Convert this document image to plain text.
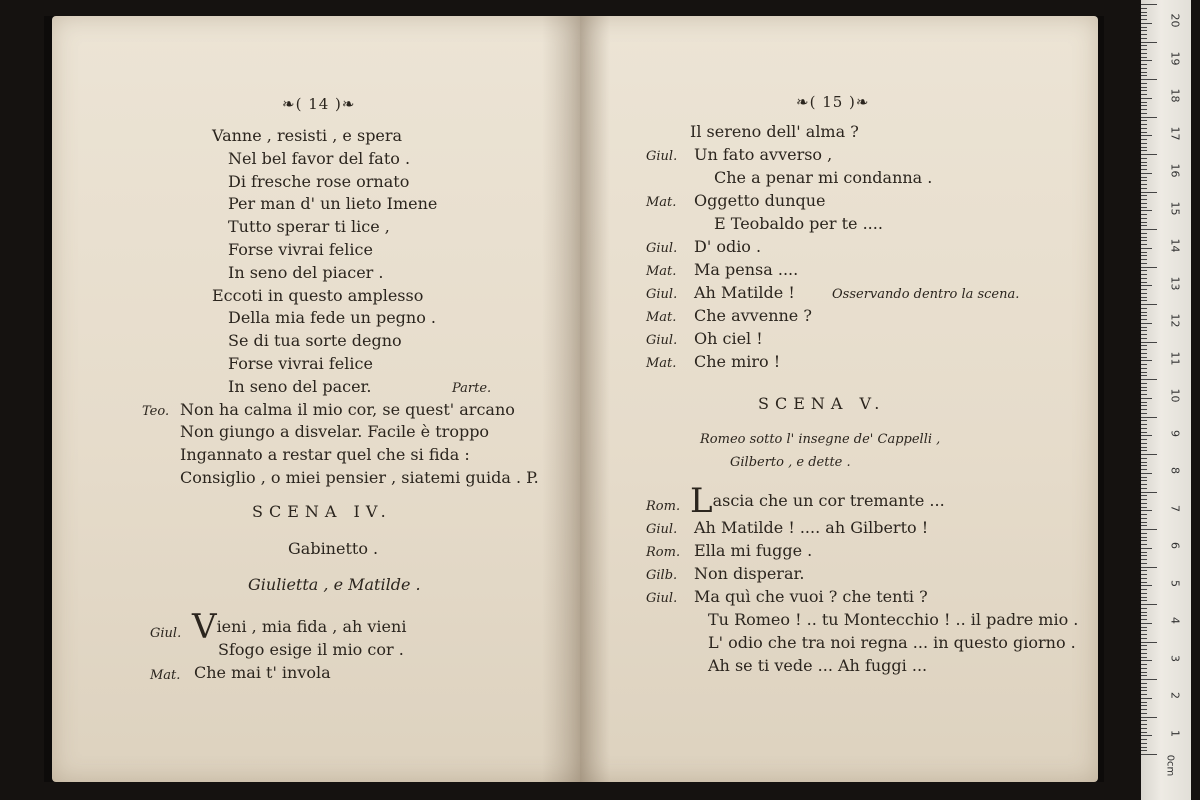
❧( 14 )❧
Vanne , resisti , e spera
Nel bel favor del fato .
Di fresche rose ornato
Per man d' un lieto Imene
Tutto sperar ti lice ,
Forse vivrai felice
In seno del piacer .
Eccoti in questo amplesso
Della mia fede un pegno .
Se di tua sorte degno
Forse vivrai felice
In seno del pacer.	Parte.
Teo. Non ha calma il mio cor, se quest' arcano
Non giungo a disvelar. Facile è troppo
Ingannato a restar quel che si fida :
Consiglio , o miei pensier , siatemi guida . P.
SCENA IV.
Gabinetto .
Giulietta , e Matilde .
Giul. Vieni , mia fida , ah vieni
Sfogo esige il mio cor .
Mat. Che mai t' invola
❧( 15 )❧
Il sereno dell' alma ?
Giul. Un fato avverso ,
Che a penar mi condanna .
Mat. Oggetto dunque
E Teobaldo per te ....
Giul. D' odio .
Mat. Ma pensa ....
Giul. Ah Matilde !	Osservando dentro la scena.
Mat. Che avvenne ?
Giul. Oh ciel !
Mat. Che miro !
SCENA V.
Romeo sotto l' insegne de' Cappelli ,
Gilberto , e dette .
Rom. Lascia che un cor tremante ...
Giul. Ah Matilde ! .... ah Gilberto !
Rom. Ella mi fugge .
Gilb. Non disperar.
Giul. Ma quì che vuoi ? che tenti ?
Tu Romeo ! .. tu Montecchio ! .. il padre mio .
L' odio che tra noi regna ... in questo giorno .
Ah se ti vede ... Ah fuggi ...
0cm
20
19
18
17
16
15
14
13
12
11
10
9
8
7
6
5
4
3
2
1
